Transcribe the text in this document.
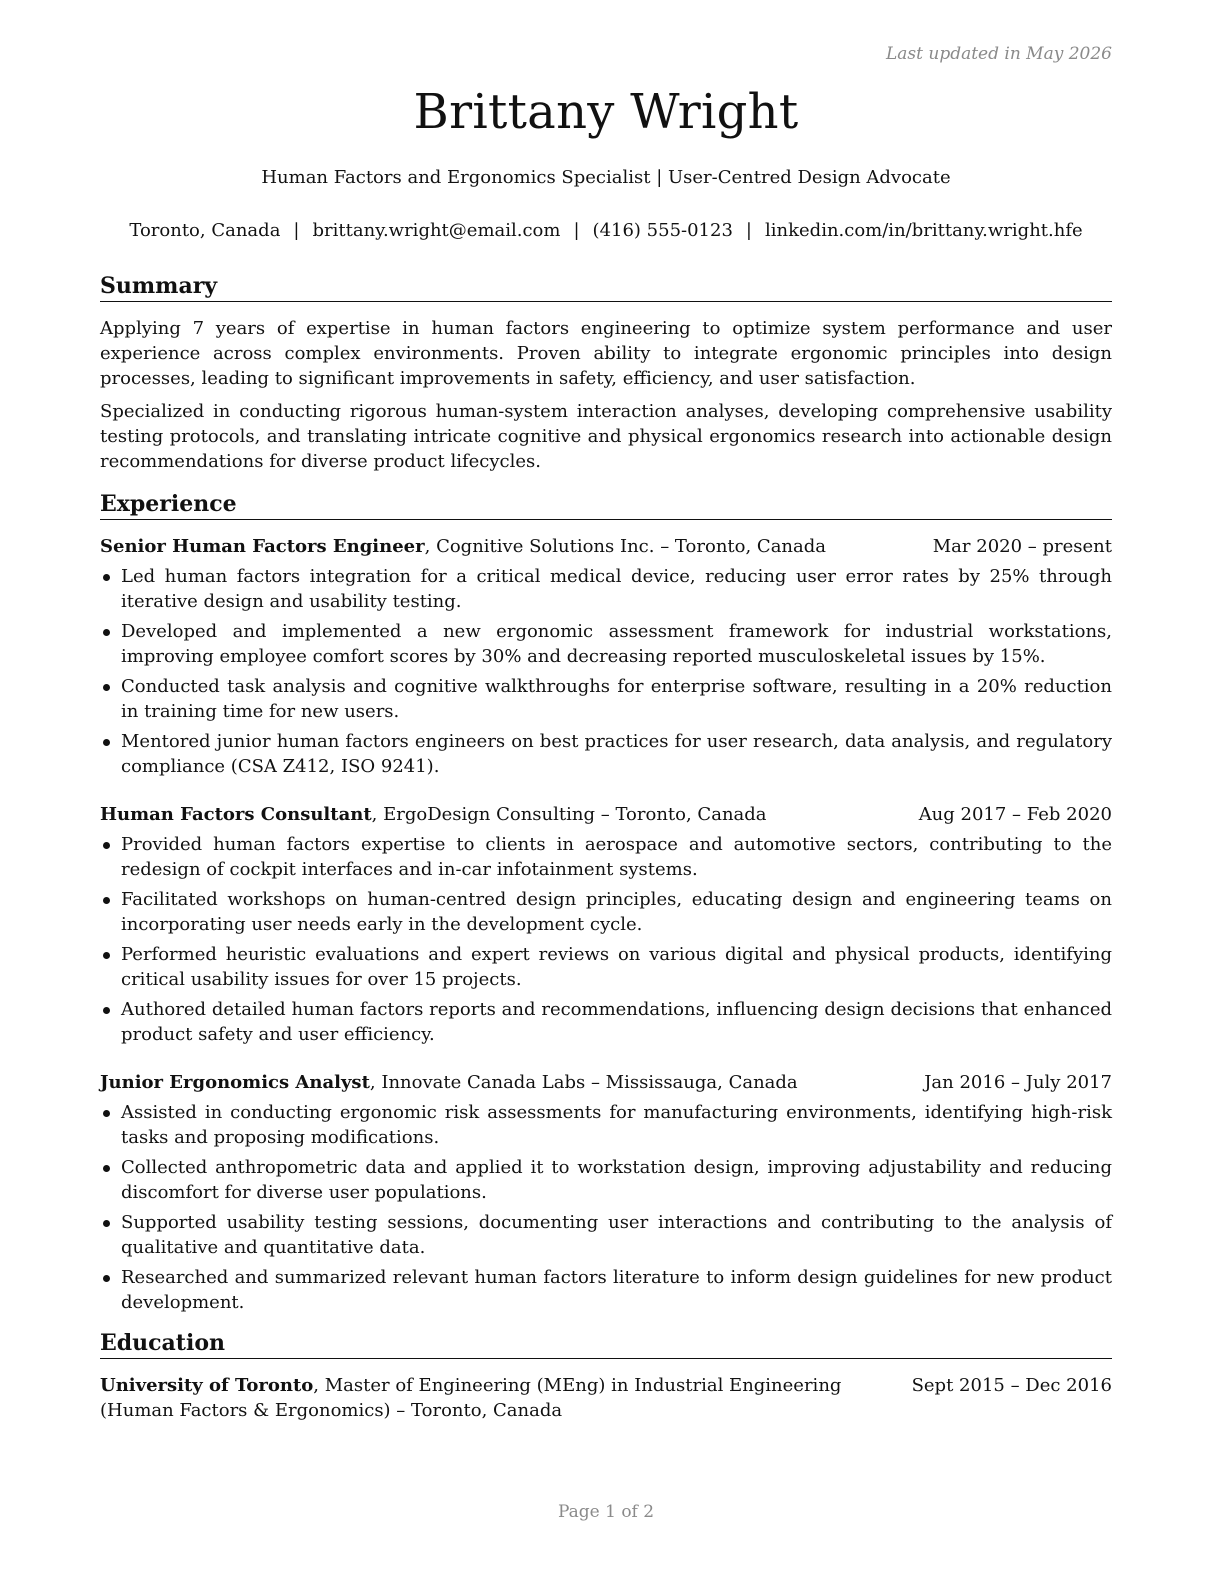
Last updated in May 2026
Brittany Wright
Human Factors and Ergonomics Specialist | User-Centred Design Advocate
Toronto, Canada | brittany.wright@email.com | (416) 555-0123 | linkedin.com/in/brittany.wright.hfe
Summary

Applying 7 years of expertise in human factors engineering to optimize system performance and user experience across complex environments. Proven ability to integrate ergonomic principles into design processes, leading to significant improvements in safety, efficiency, and user satisfaction.

Specialized in conducting rigorous human-system interaction analyses, developing comprehensive usability testing protocols, and translating intricate cognitive and physical ergonomics research into actionable design recommendations for diverse product lifecycles.

Experience
Senior Human Factors Engineer, Cognitive Solutions Inc. – Toronto, Canada	Mar 2020 – present
Led human factors integration for a critical medical device, reducing user error rates by 25% through iterative design and usability testing.
Developed and implemented a new ergonomic assessment framework for industrial workstations, improving employee comfort scores by 30% and decreasing reported musculoskeletal issues by 15%.
Conducted task analysis and cognitive walkthroughs for enterprise software, resulting in a 20% reduction in training time for new users.
Mentored junior human factors engineers on best practices for user research, data analysis, and regulatory compliance (CSA Z412, ISO 9241).
Human Factors Consultant, ErgoDesign Consulting – Toronto, Canada	Aug 2017 – Feb 2020
Provided human factors expertise to clients in aerospace and automotive sectors, contributing to the redesign of cockpit interfaces and in-car infotainment systems.
Facilitated workshops on human-centred design principles, educating design and engineering teams on incorporating user needs early in the development cycle.
Performed heuristic evaluations and expert reviews on various digital and physical products, identifying critical usability issues for over 15 projects.
Authored detailed human factors reports and recommendations, influencing design decisions that enhanced product safety and user efficiency.
Junior Ergonomics Analyst, Innovate Canada Labs – Mississauga, Canada	Jan 2016 – July 2017
Assisted in conducting ergonomic risk assessments for manufacturing environments, identifying high-risk tasks and proposing modifications.
Collected anthropometric data and applied it to workstation design, improving adjustability and reducing discomfort for diverse user populations.
Supported usability testing sessions, documenting user interactions and contributing to the analysis of qualitative and quantitative data.
Researched and summarized relevant human factors literature to inform design guidelines for new product development.
Education
University of Toronto, Master of Engineering (MEng) in Industrial Engineering (Human Factors & Ergonomics) – Toronto, Canada
Sept 2015 – Dec 2016
Page 1 of 2
